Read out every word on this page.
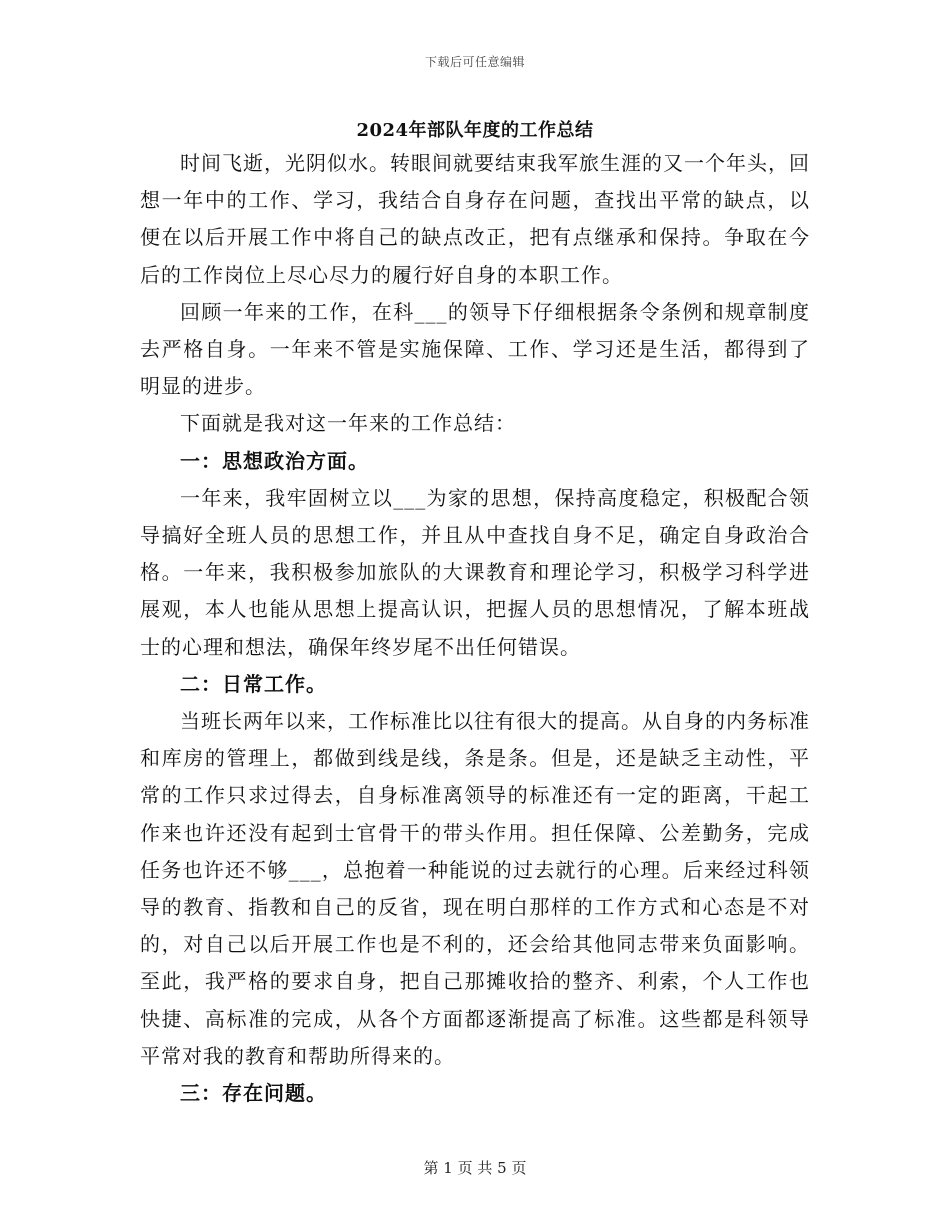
下载后可任意编辑
2024年部队年度的工作总结

时间飞逝，光阴似水。转眼间就要结束我军旅生涯的又一个年头，回想一年中的工作、学习，我结合自身存在问题，查找出平常的缺点，以便在以后开展工作中将自己的缺点改正，把有点继承和保持。争取在今后的工作岗位上尽心尽力的履行好自身的本职工作。

回顾一年来的工作，在科___的领导下仔细根据条令条例和规章制度去严格自身。一年来不管是实施保障、工作、学习还是生活，都得到了明显的进步。

下面就是我对这一年来的工作总结：

一：思想政治方面。

一年来，我牢固树立以___为家的思想，保持高度稳定，积极配合领导搞好全班人员的思想工作，并且从中查找自身不足，确定自身政治合格。一年来，我积极参加旅队的大课教育和理论学习，积极学习科学进展观，本人也能从思想上提高认识，把握人员的思想情况，了解本班战士的心理和想法，确保年终岁尾不出任何错误。

二：日常工作。

当班长两年以来，工作标准比以往有很大的提高。从自身的内务标准和库房的管理上，都做到线是线，条是条。但是，还是缺乏主动性，平常的工作只求过得去，自身标准离领导的标准还有一定的距离，干起工作来也许还没有起到士官骨干的带头作用。担任保障、公差勤务，完成任务也许还不够___，总抱着一种能说的过去就行的心理。后来经过科领导的教育、指教和自己的反省，现在明白那样的工作方式和心态是不对的，对自己以后开展工作也是不利的，还会给其他同志带来负面影响。至此，我严格的要求自身，把自己那摊收拾的整齐、利索，个人工作也快捷、高标准的完成，从各个方面都逐渐提高了标准。这些都是科领导平常对我的教育和帮助所得来的。

三：存在问题。

第 1 页 共 5 页
